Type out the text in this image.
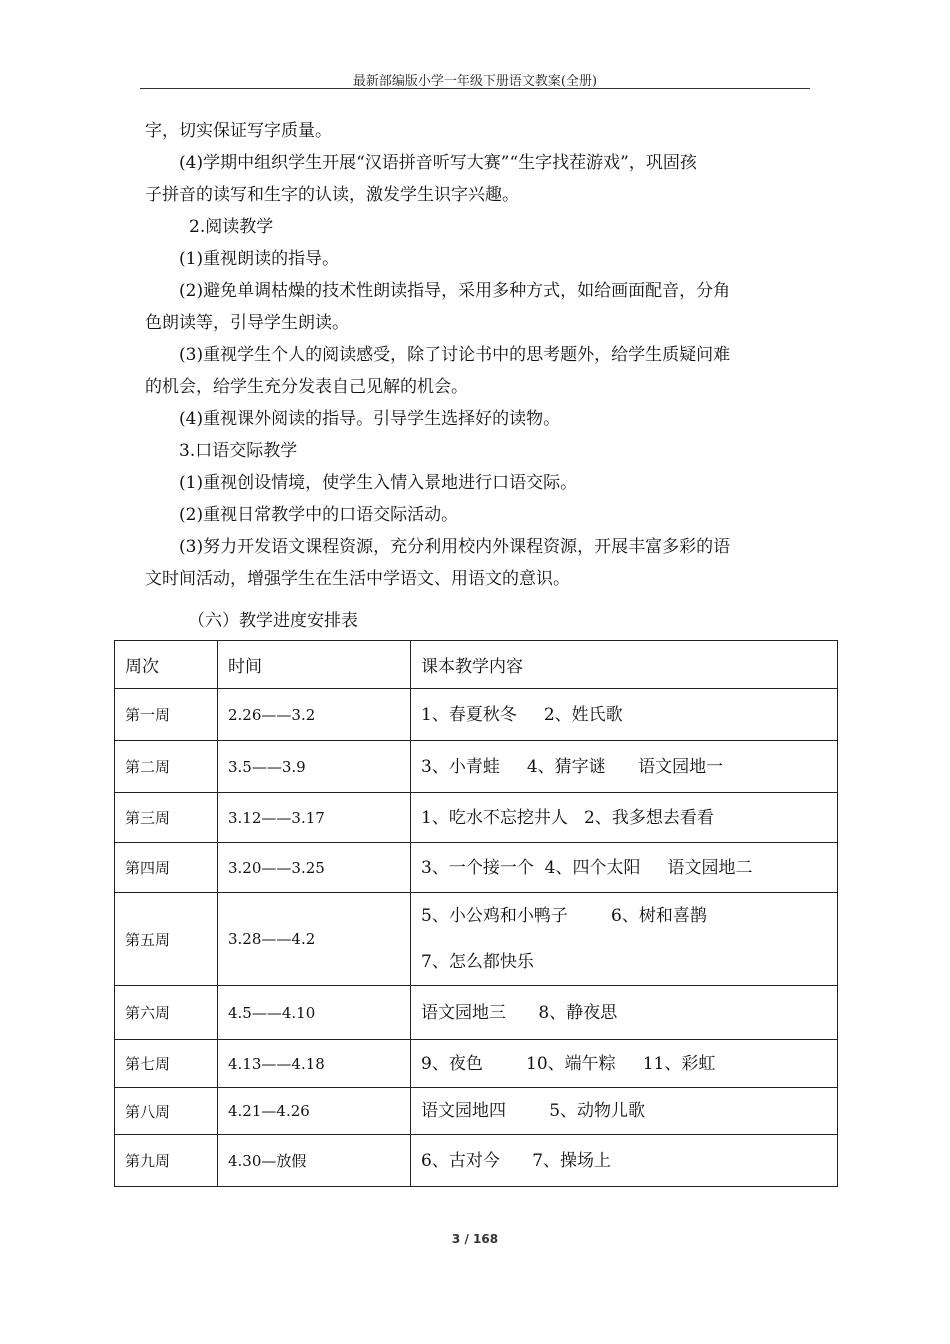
最新部编版小学一年级下册语文教案(全册)
字，切实保证写字质量。
(4)学期中组织学生开展“汉语拼音听写大赛”“生字找茬游戏”，巩固孩
子拼音的读写和生字的认读，激发学生识字兴趣。
2.阅读教学
(1)重视朗读的指导。
(2)避免单调枯燥的技术性朗读指导，采用多种方式，如给画面配音，分角
色朗读等，引导学生朗读。
(3)重视学生个人的阅读感受，除了讨论书中的思考题外，给学生质疑问难
的机会，给学生充分发表自己见解的机会。
(4)重视课外阅读的指导。引导学生选择好的读物。
3.口语交际教学
(1)重视创设情境，使学生入情入景地进行口语交际。
(2)重视日常教学中的口语交际活动。
(3)努力开发语文课程资源，充分利用校内外课程资源，开展丰富多彩的语
文时间活动，增强学生在生活中学语文、用语文的意识。
（六）教学进度安排表
周次	时间	课本教学内容
第一周	2.26——3.2	1、春夏秋冬     2、姓氏歌

第二周	3.5——3.9	3、小青蛙     4、猜字谜      语文园地一

第三周	3.12——3.17	1、吃水不忘挖井人   2、我多想去看看

第四周	3.20——3.25	3、一个接一个  4、四个太阳     语文园地二

第五周	3.28——4.2	5、小公鸡和小鸭子        6、树和喜鹊
7、怎么都快乐

第六周	4.5——4.10	语文园地三      8、静夜思

第七周	4.13——4.18	9、夜色        10、端午粽     11、彩虹

第八周	4.21—4.26	语文园地四        5、动物儿歌

第九周	4.30—放假	6、古对今      7、操场上
3 / 168
